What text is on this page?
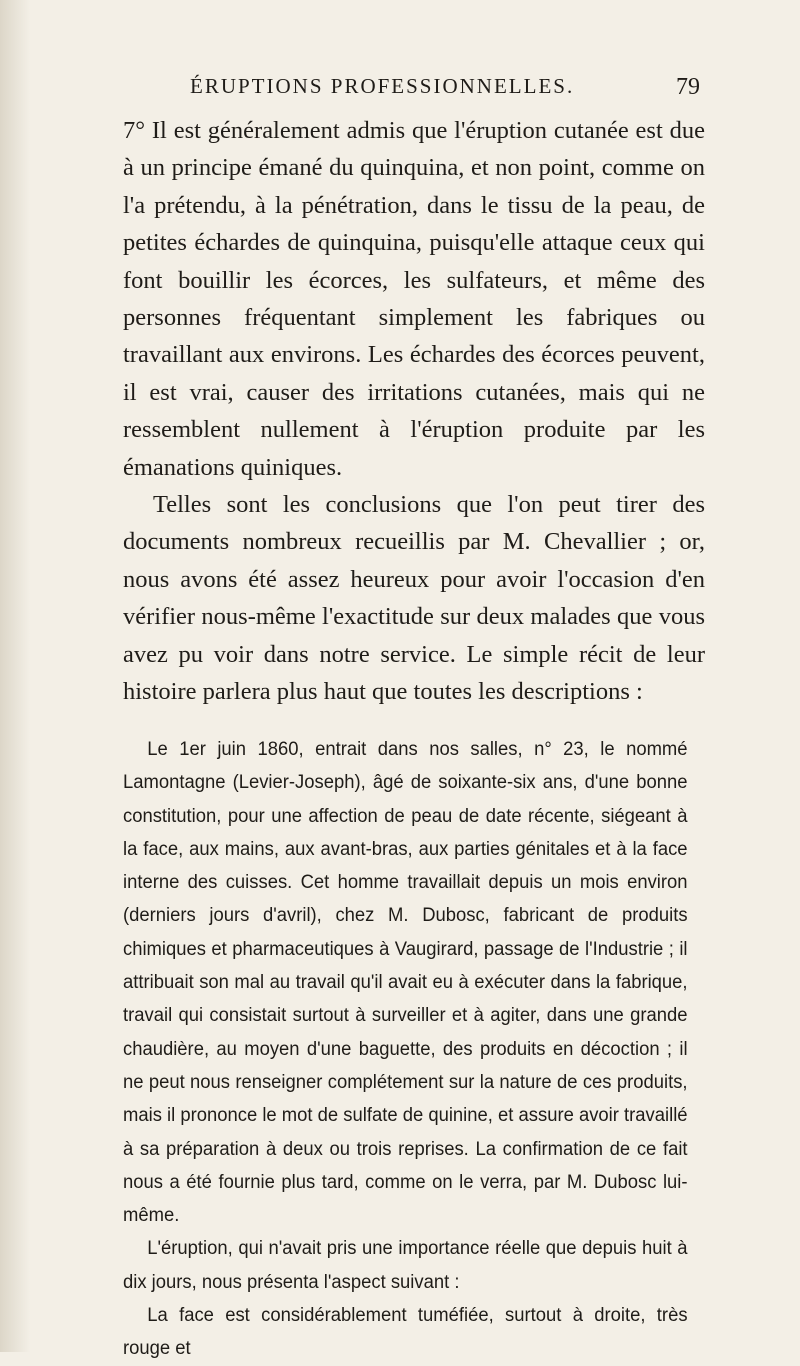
ÉRUPTIONS PROFESSIONNELLES.	79

7° Il est généralement admis que l'éruption cutanée est due à un principe émané du quinquina, et non point, comme on l'a prétendu, à la pénétration, dans le tissu de la peau, de petites échardes de quinquina, puisqu'elle attaque ceux qui font bouillir les écorces, les sulfateurs, et même des personnes fréquentant simplement les fabriques ou travaillant aux environs. Les échardes des écorces peuvent, il est vrai, causer des irritations cutanées, mais qui ne ressemblent nullement à l'éruption produite par les émanations quiniques.

Telles sont les conclusions que l'on peut tirer des documents nombreux recueillis par M. Chevallier ; or, nous avons été assez heureux pour avoir l'occasion d'en vérifier nous-même l'exactitude sur deux malades que vous avez pu voir dans notre service. Le simple récit de leur histoire parlera plus haut que toutes les descriptions :

Le 1er juin 1860, entrait dans nos salles, n° 23, le nommé Lamontagne (Levier-Joseph), âgé de soixante-six ans, d'une bonne constitution, pour une affection de peau de date récente, siégeant à la face, aux mains, aux avant-bras, aux parties génitales et à la face interne des cuisses. Cet homme travaillait depuis un mois environ (derniers jours d'avril), chez M. Dubosc, fabricant de produits chimiques et pharmaceutiques à Vaugirard, passage de l'Industrie ; il attribuait son mal au travail qu'il avait eu à exécuter dans la fabrique, travail qui consistait surtout à surveiller et à agiter, dans une grande chaudière, au moyen d'une baguette, des produits en décoction ; il ne peut nous renseigner complétement sur la nature de ces produits, mais il prononce le mot de sulfate de quinine, et assure avoir travaillé à sa préparation à deux ou trois reprises. La confirmation de ce fait nous a été fournie plus tard, comme on le verra, par M. Dubosc lui-même.

L'éruption, qui n'avait pris une importance réelle que depuis huit à dix jours, nous présenta l'aspect suivant :

La face est considérablement tuméfiée, surtout à droite, très rouge et
